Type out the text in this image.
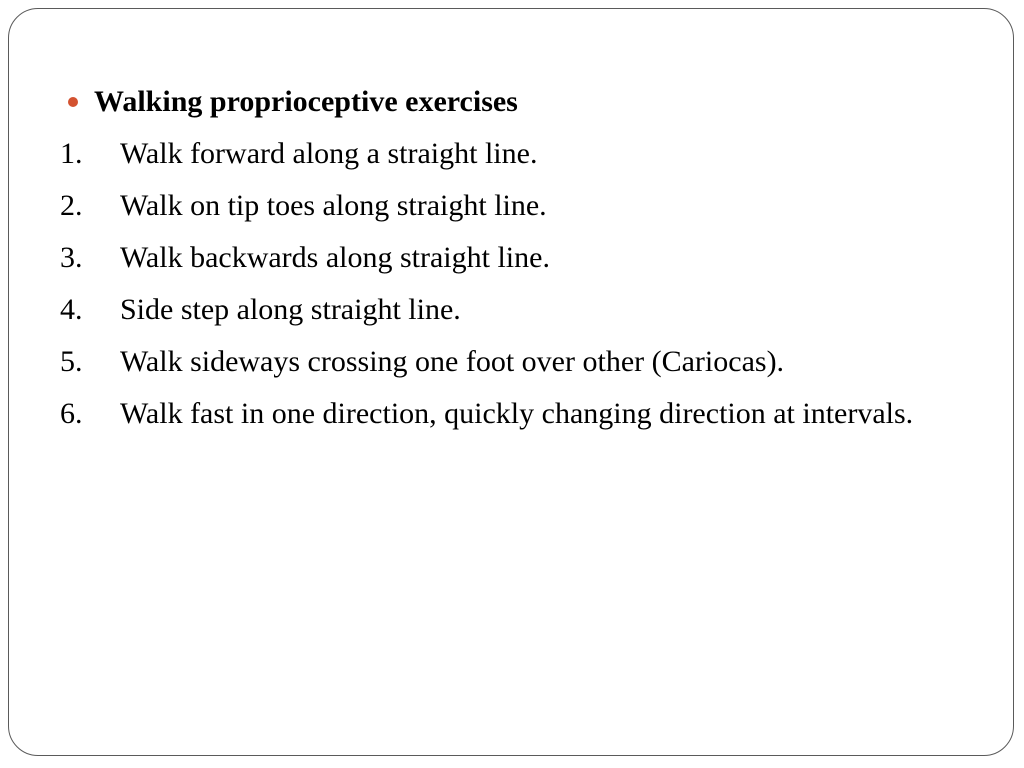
Walking proprioceptive exercises
1.	Walk forward along a straight line.
2.	Walk on tip toes along straight line.
3.	Walk backwards along straight line.
4.	Side step along straight line.
5.	Walk sideways crossing one foot over other (Cariocas).
6.	Walk fast in one direction, quickly changing direction at intervals.
